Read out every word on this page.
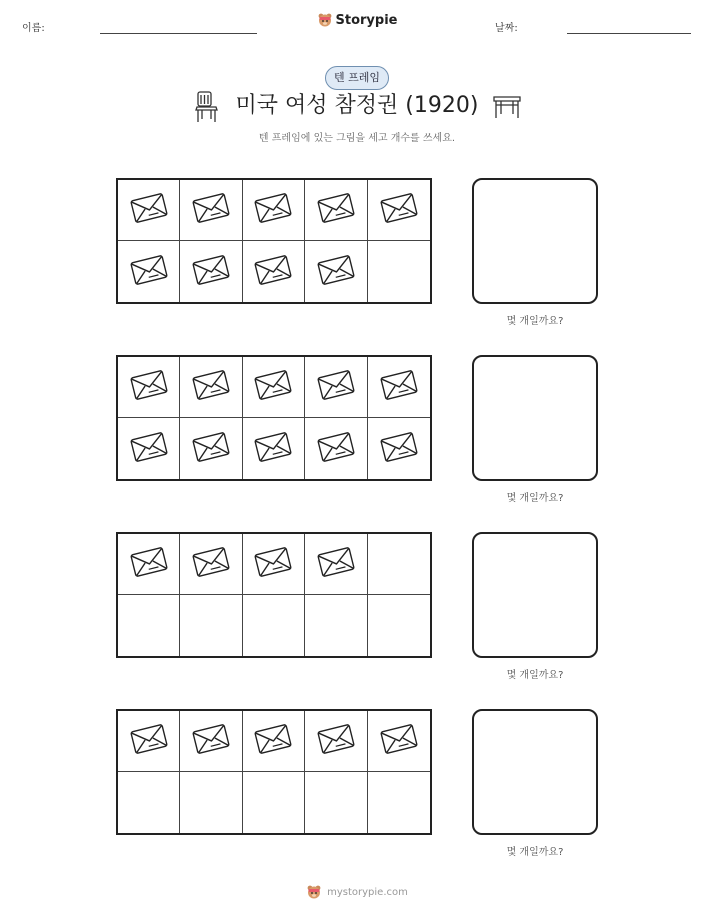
이름:
Storypie
날짜:
텐 프레임
미국 여성 참정권 (1920)
텐 프레임에 있는 그림을 세고 개수를 쓰세요.
몇 개일까요?
몇 개일까요?
몇 개일까요?
몇 개일까요?
mystorypie.com
